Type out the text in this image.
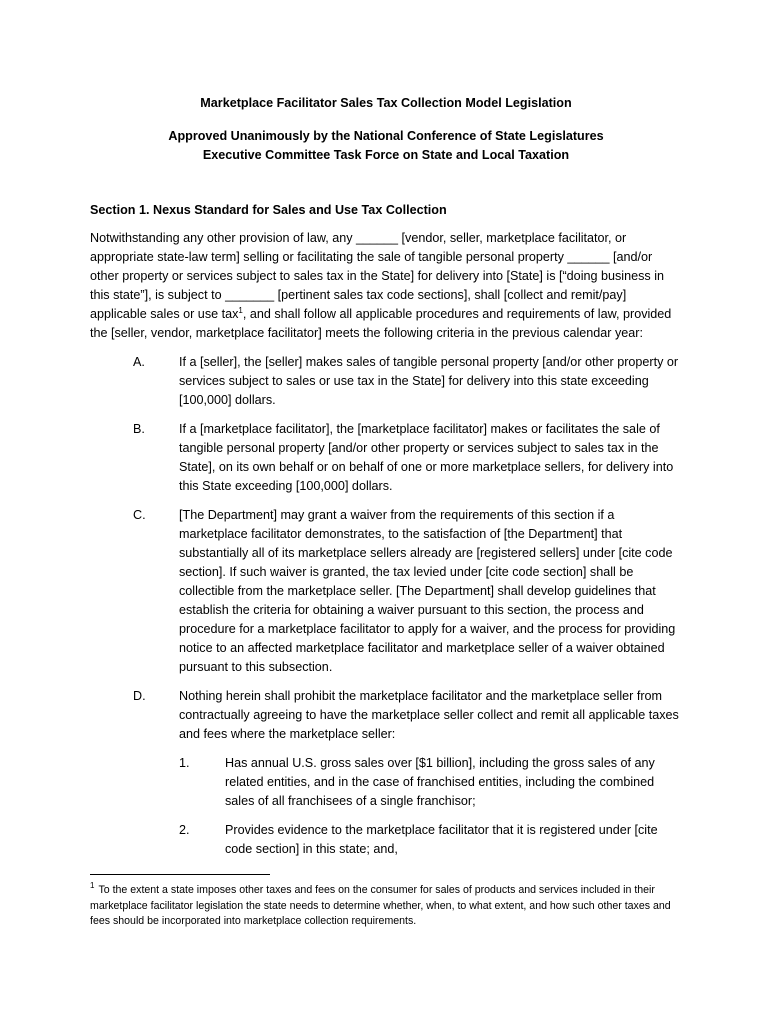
Marketplace Facilitator Sales Tax Collection Model Legislation
Approved Unanimously by the National Conference of State Legislatures
Executive Committee Task Force on State and Local Taxation
Section 1. Nexus Standard for Sales and Use Tax Collection
Notwithstanding any other provision of law, any ______ [vendor, seller, marketplace facilitator, or appropriate state-law term] selling or facilitating the sale of tangible personal property ______ [and/or other property or services subject to sales tax in the State] for delivery into [State] is [“doing business in this state”], is subject to _______ [pertinent sales tax code sections], shall [collect and remit/pay] applicable sales or use tax$^1$, and shall follow all applicable procedures and requirements of law, provided the [seller, vendor, marketplace facilitator] meets the following criteria in the previous calendar year:
A.	If a [seller], the [seller] makes sales of tangible personal property [and/or other property or services subject to sales or use tax in the State] for delivery into this state exceeding [100,000] dollars.
B.	If a [marketplace facilitator], the [marketplace facilitator] makes or facilitates the sale of tangible personal property [and/or other property or services subject to sales tax in the State], on its own behalf or on behalf of one or more marketplace sellers, for delivery into this State exceeding [100,000] dollars.
C.	[The Department] may grant a waiver from the requirements of this section if a marketplace facilitator demonstrates, to the satisfaction of [the Department] that substantially all of its marketplace sellers already are [registered sellers] under [cite code section]. If such waiver is granted, the tax levied under [cite code section] shall be collectible from the marketplace seller. [The Department] shall develop guidelines that establish the criteria for obtaining a waiver pursuant to this section, the process and procedure for a marketplace facilitator to apply for a waiver, and the process for providing notice to an affected marketplace facilitator and marketplace seller of a waiver obtained pursuant to this subsection.
D.	Nothing herein shall prohibit the marketplace facilitator and the marketplace seller from contractually agreeing to have the marketplace seller collect and remit all applicable taxes and fees where the marketplace seller:
1.	Has annual U.S. gross sales over [$1 billion], including the gross sales of any related entities, and in the case of franchised entities, including the combined sales of all franchisees of a single franchisor;
2.	Provides evidence to the marketplace facilitator that it is registered under [cite code section] in this state; and,
$^1$ To the extent a state imposes other taxes and fees on the consumer for sales of products and services included in their marketplace facilitator legislation the state needs to determine whether, when, to what extent, and how such other taxes and fees should be incorporated into marketplace collection requirements.
